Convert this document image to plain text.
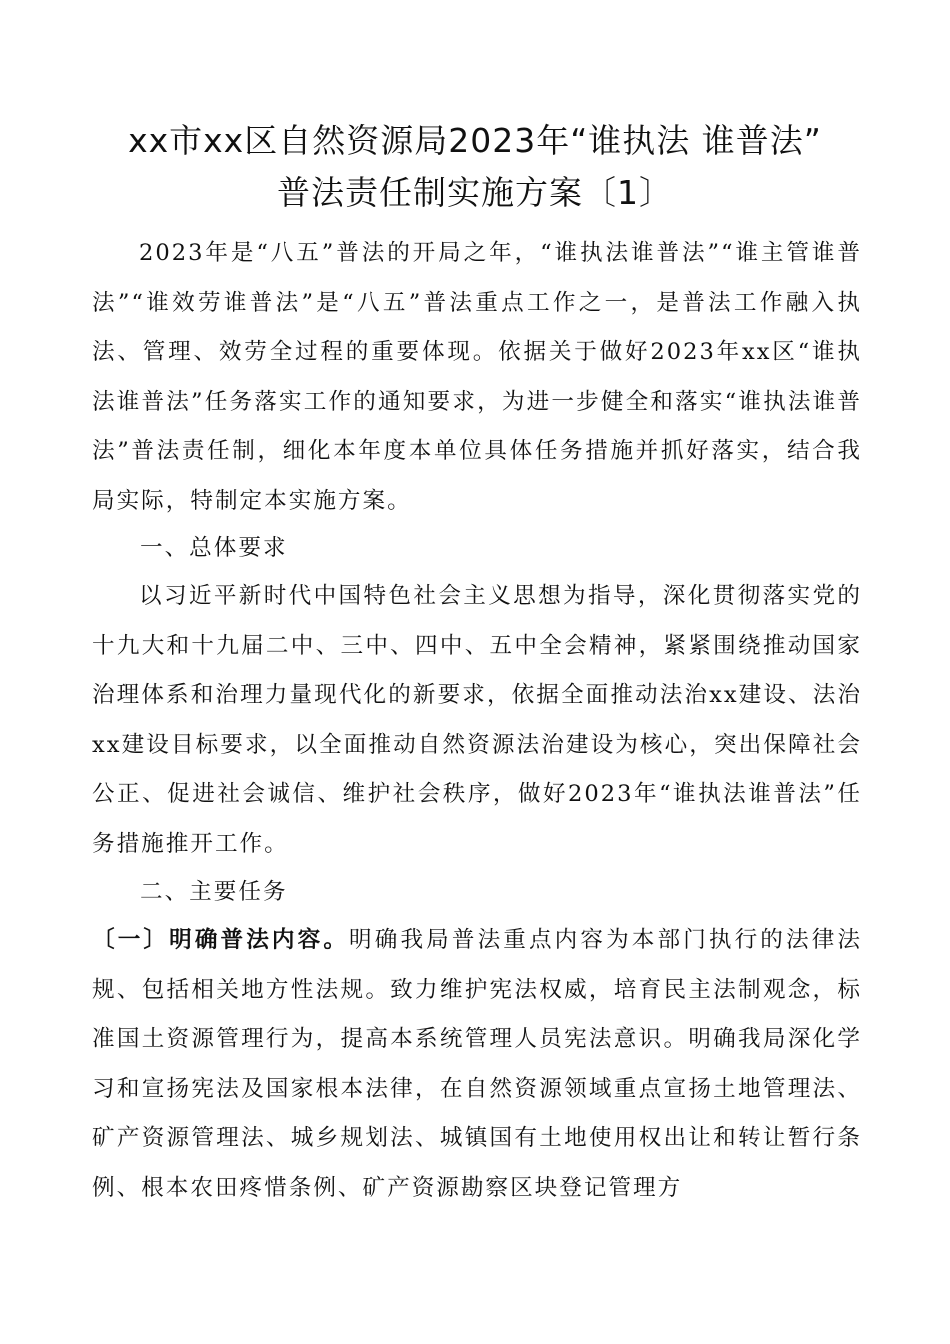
xx市xx区自然资源局2023年“谁执法 谁普法”
普法责任制实施方案〔1〕

2023年是“八五”普法的开局之年，“谁执法谁普法”“谁主管谁普法”“谁效劳谁普法”是“八五”普法重点工作之一，是普法工作融入执法、管理、效劳全过程的重要体现。依据关于做好2023年xx区“谁执法谁普法”任务落实工作的通知要求，为进一步健全和落实“谁执法谁普法”普法责任制，细化本年度本单位具体任务措施并抓好落实，结合我局实际，特制定本实施方案。

一、总体要求

以习近平新时代中国特色社会主义思想为指导，深化贯彻落实党的十九大和十九届二中、三中、四中、五中全会精神，紧紧围绕推动国家治理体系和治理力量现代化的新要求，依据全面推动法治xx建设、法治xx建设目标要求，以全面推动自然资源法治建设为核心，突出保障社会公正、促进社会诚信、维护社会秩序，做好2023年“谁执法谁普法”任务措施推开工作。

二、主要任务

〔一〕明确普法内容。明确我局普法重点内容为本部门执行的法律法规、包括相关地方性法规。致力维护宪法权威，培育民主法制观念，标准国土资源管理行为，提高本系统管理人员宪法意识。明确我局深化学习和宣扬宪法及国家根本法律，在自然资源领域重点宣扬土地管理法、矿产资源管理法、城乡规划法、城镇国有土地使用权出让和转让暂行条例、根本农田疼惜条例、矿产资源勘察区块登记管理方
